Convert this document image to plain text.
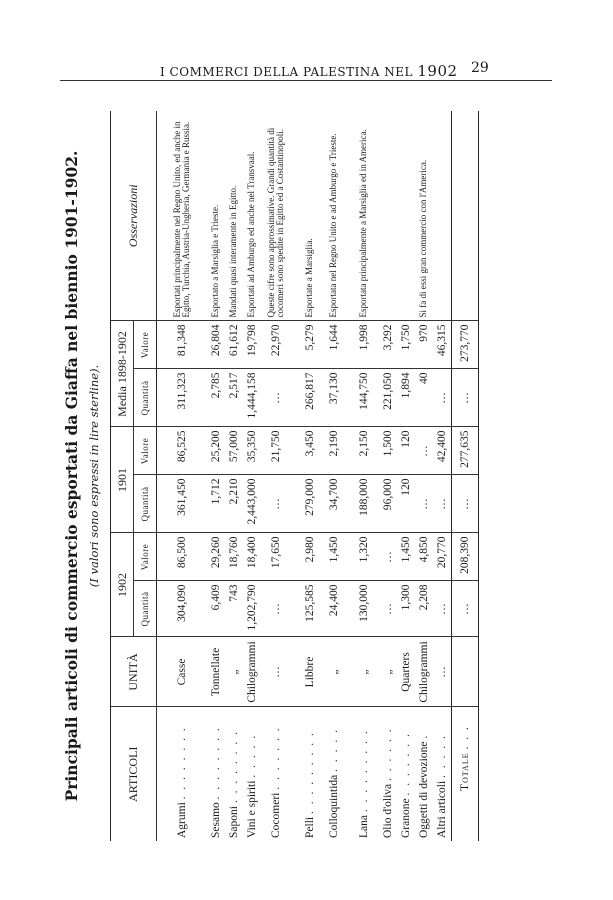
I COMMERCI DELLA PALESTINA NEL 1902 29
Principali articoli di commercio esportati da Giaffa nel biennio 1901-1902. (I valori sono espressi in lire sterline).
ARTICOLI	UNITÀ	1902		1901		Media 1898-1902		Osservazioni
		Quantità	Valore	Quantità	Valore	Quantità	Valore	

Agrumi . . . . . . . .	Casse	304,090	86,500	361,450	86,525	311,323	81,348	Esportati principalmente nel Regno Unito, ed anche in Egitto, Turchia, Austria-Ungheria, Germania e Russia.

Sesamo . . . . . . . .	Tonnellate	6,409	29,260	1,712	25,200	2,785	26,804	Esportato a Marsiglia e Trieste.
Saponi . . . . . . . .	„	743	18,760	2,210	57,000	2,517	61,612	Mandati quasi interamente in Egitto.
Vini e spiriti . . . . .	Chilogrammi	1,202,790	18,400	2,443,000	35,350	1,444,158	19,798	Esportati ad Amburgo ed anche nel Transvaal.
Cocomeri . . . . . . .	…	…	17,650	…	21,750	…	22,970	Queste cifre sono approssimative. Grandi quantità di cocomeri sono spedite in Egitto ed a Costantinopoli.

Pelli . . . . . . . . .	Libbre	125,585	2,980	279,000	3,450	266,817	5,279	Esportate a Marsiglia.
Colloquintida . . . . .	„	24,400	1,450	34,700	2,190	37,130	1,644	Esportata nel Regno Unito e ad Amburgo e Trieste.
Lana . . . . . . . . .	„	130,000	1,320	188,000	2,150	144,750	1,998	Esportata principalmente a Marsiglia ed in America.
Olio d'oliva . . . . . .	„	…	…	96,000	1,500	221,050	3,292	
Granone . . . . . . .	Quarters	1,300	1,450	120	120	1,894	1,750	
Oggetti di devozione .	Chilogrammi	2,208	4,850	…	…	40	970	Si fa di essi gran commercio con l'America.
Altri articoli . . . . .	…	…	20,770	…	42,400	…	46,315	
Totale . . .		…	208,390	…	277,635	…	273,770	
